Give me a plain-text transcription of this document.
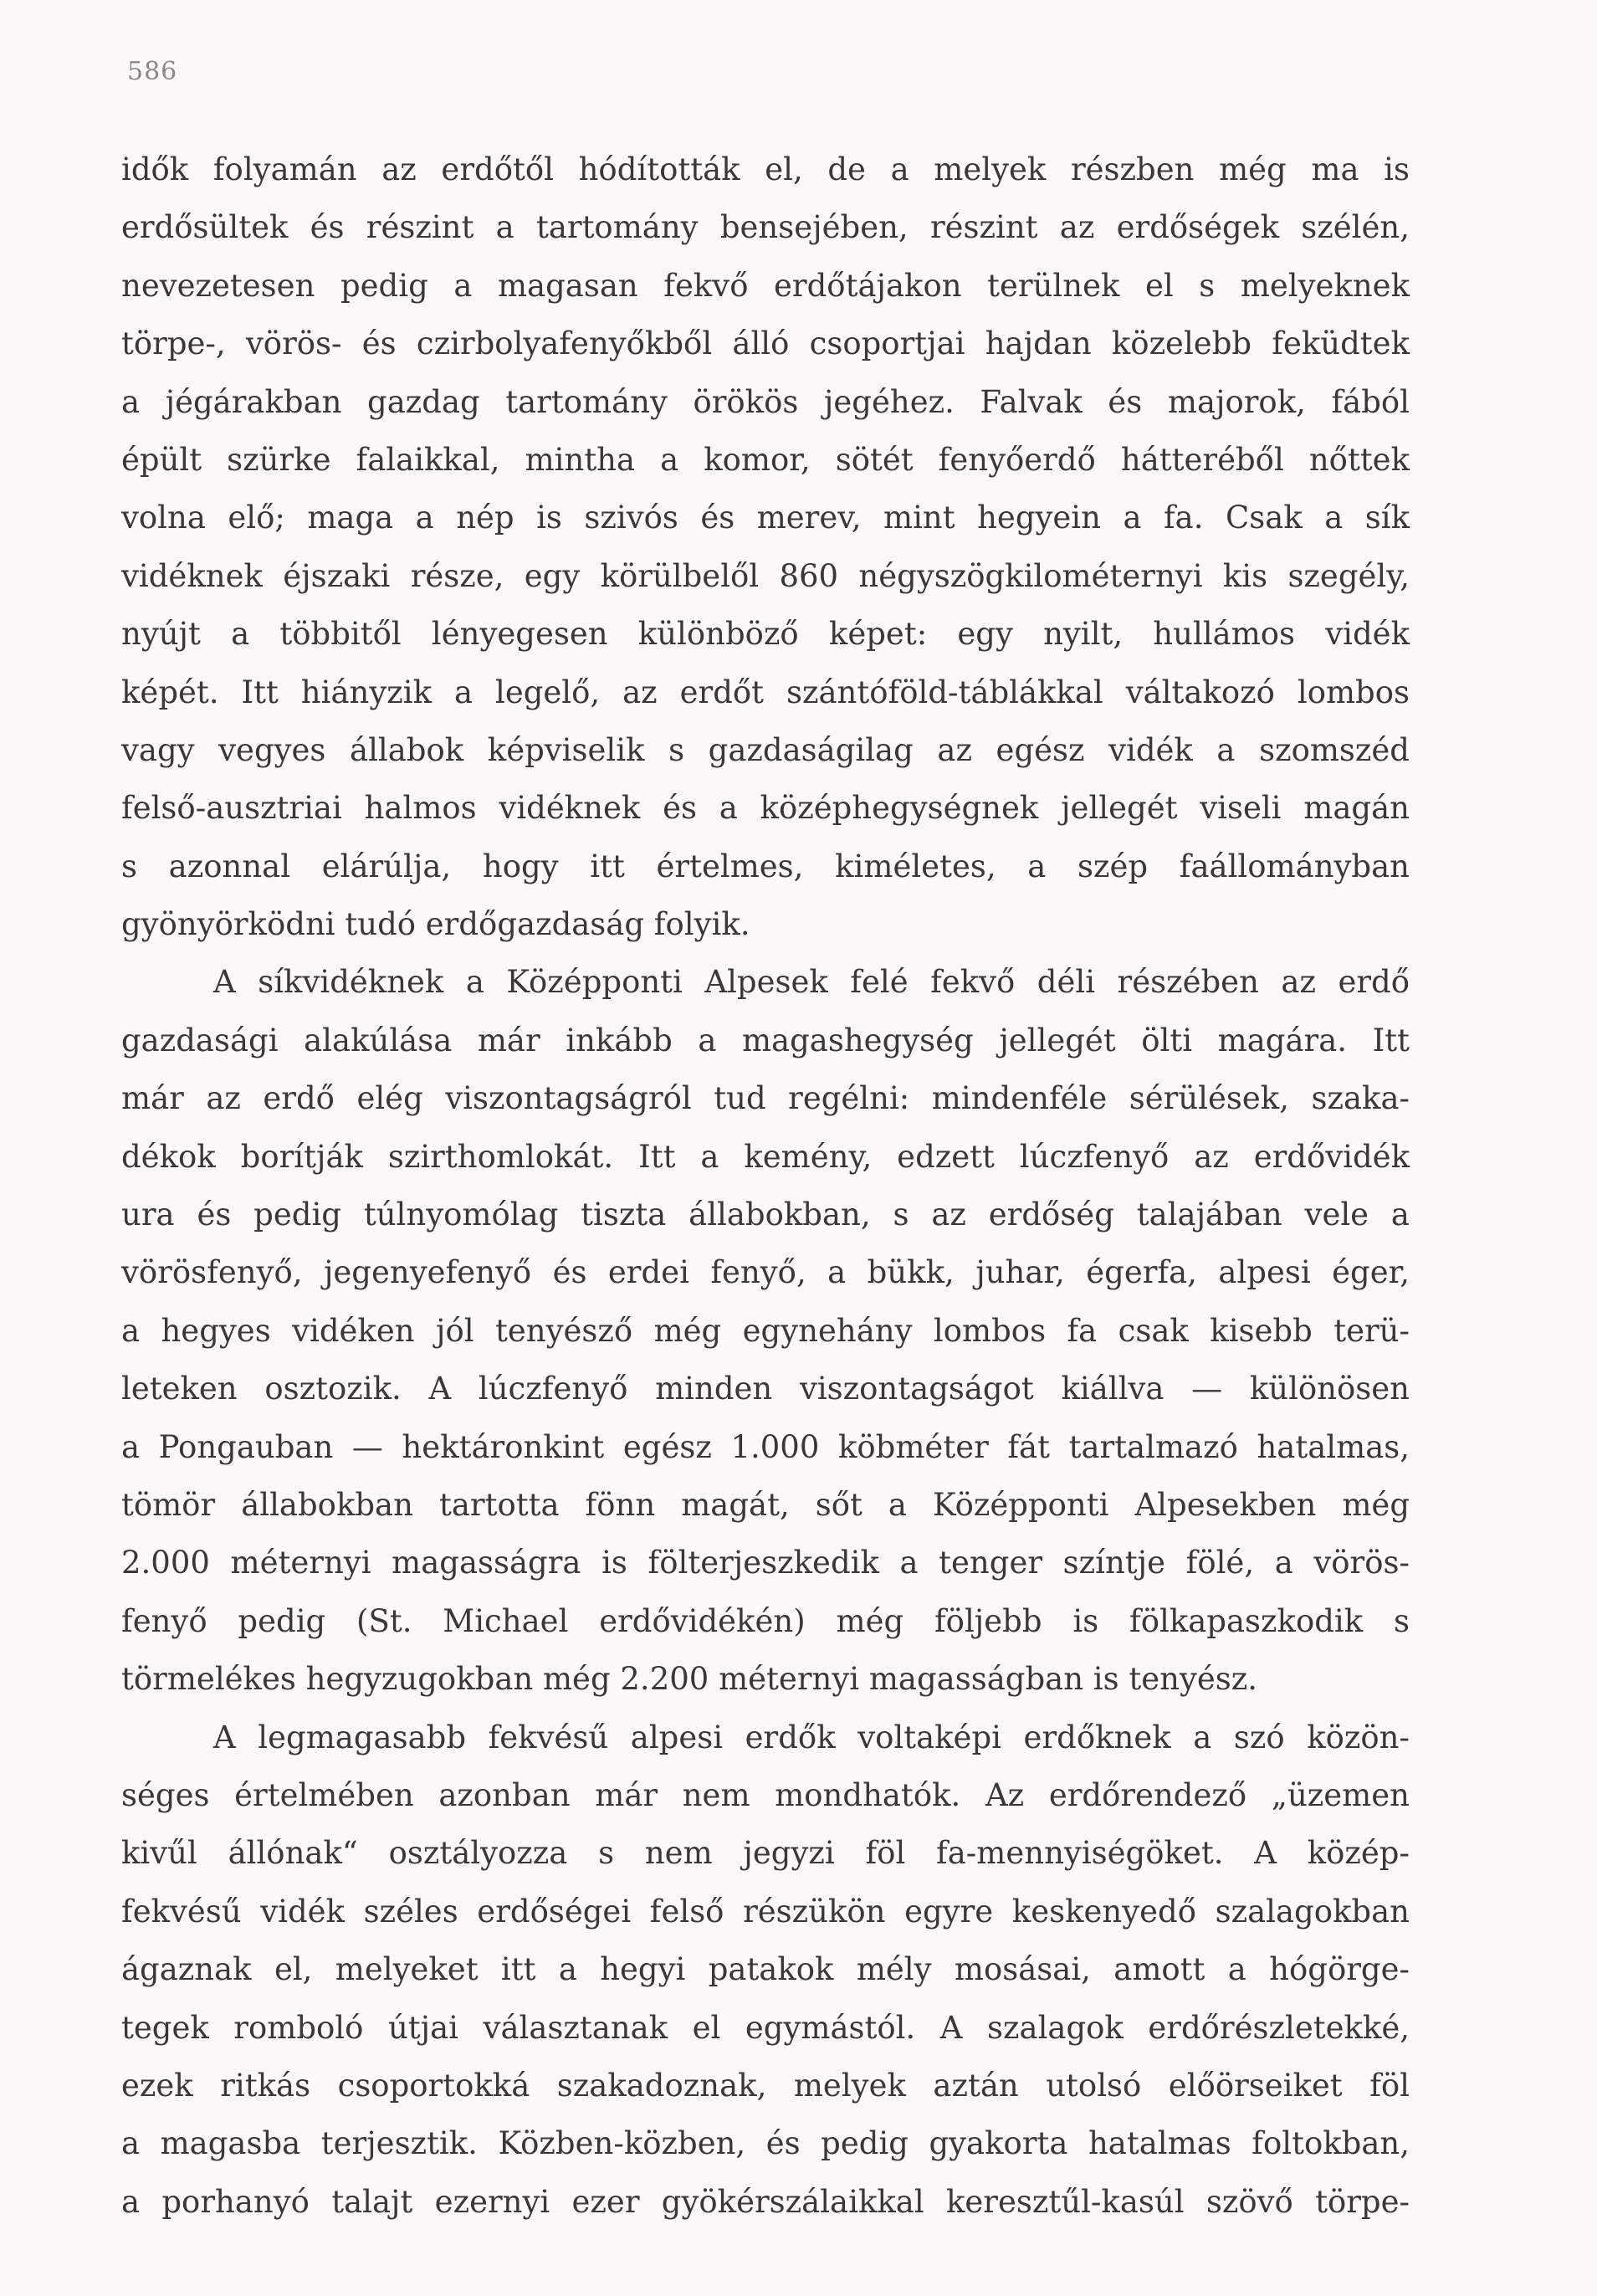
586
idők folyamán az erdőtől hódították el, de a melyek részben még ma is
erdősültek és részint a tartomány bensejében, részint az erdőségek szélén,
nevezetesen pedig a magasan fekvő erdőtájakon terülnek el s melyeknek
törpe-, vörös- és czirbolyafenyőkből álló csoportjai hajdan közelebb feküdtek
a jégárakban gazdag tartomány örökös jegéhez. Falvak és majorok, fából
épült szürke falaikkal, mintha a komor, sötét fenyőerdő hátteréből nőttek
volna elő; maga a nép is szivós és merev, mint hegyein a fa. Csak a sík
vidéknek éjszaki része, egy körülbelől 860 négyszögkilométernyi kis szegély,
nyújt a többitől lényegesen különböző képet: egy nyilt, hullámos vidék
képét. Itt hiányzik a legelő, az erdőt szántóföld-táblákkal váltakozó lombos
vagy vegyes állabok képviselik s gazdaságilag az egész vidék a szomszéd
felső-ausztriai halmos vidéknek és a középhegységnek jellegét viseli magán
s azonnal elárúlja, hogy itt értelmes, kiméletes, a szép faállományban
gyönyörködni tudó erdőgazdaság folyik.
A síkvidéknek a Középponti Alpesek felé fekvő déli részében az erdő
gazdasági alakúlása már inkább a magashegység jellegét ölti magára. Itt
már az erdő elég viszontagságról tud regélni: mindenféle sérülések, szaka-
dékok borítják szirthomlokát. Itt a kemény, edzett lúczfenyő az erdővidék
ura és pedig túlnyomólag tiszta állabokban, s az erdőség talajában vele a
vörösfenyő, jegenyefenyő és erdei fenyő, a bükk, juhar, égerfa, alpesi éger,
a hegyes vidéken jól tenyésző még egynehány lombos fa csak kisebb terü-
leteken osztozik. A lúczfenyő minden viszontagságot kiállva — különösen
a Pongauban — hektáronkint egész 1.000 köbméter fát tartalmazó hatalmas,
tömör állabokban tartotta fönn magát, sőt a Középponti Alpesekben még
2.000 méternyi magasságra is fölterjeszkedik a tenger színtje fölé, a vörös-
fenyő pedig (St. Michael erdővidékén) még följebb is fölkapaszkodik s
törmelékes hegyzugokban még 2.200 méternyi magasságban is tenyész.
A legmagasabb fekvésű alpesi erdők voltaképi erdőknek a szó közön-
séges értelmében azonban már nem mondhatók. Az erdőrendező „üzemen
kivűl állónak“ osztályozza s nem jegyzi föl fa-mennyiségöket. A közép-
fekvésű vidék széles erdőségei felső részükön egyre keskenyedő szalagokban
ágaznak el, melyeket itt a hegyi patakok mély mosásai, amott a hógörge-
tegek romboló útjai választanak el egymástól. A szalagok erdőrészletekké,
ezek ritkás csoportokká szakadoznak, melyek aztán utolsó előörseiket föl
a magasba terjesztik. Közben-közben, és pedig gyakorta hatalmas foltokban,
a porhanyó talajt ezernyi ezer gyökérszálaikkal keresztűl-kasúl szövő törpe-
